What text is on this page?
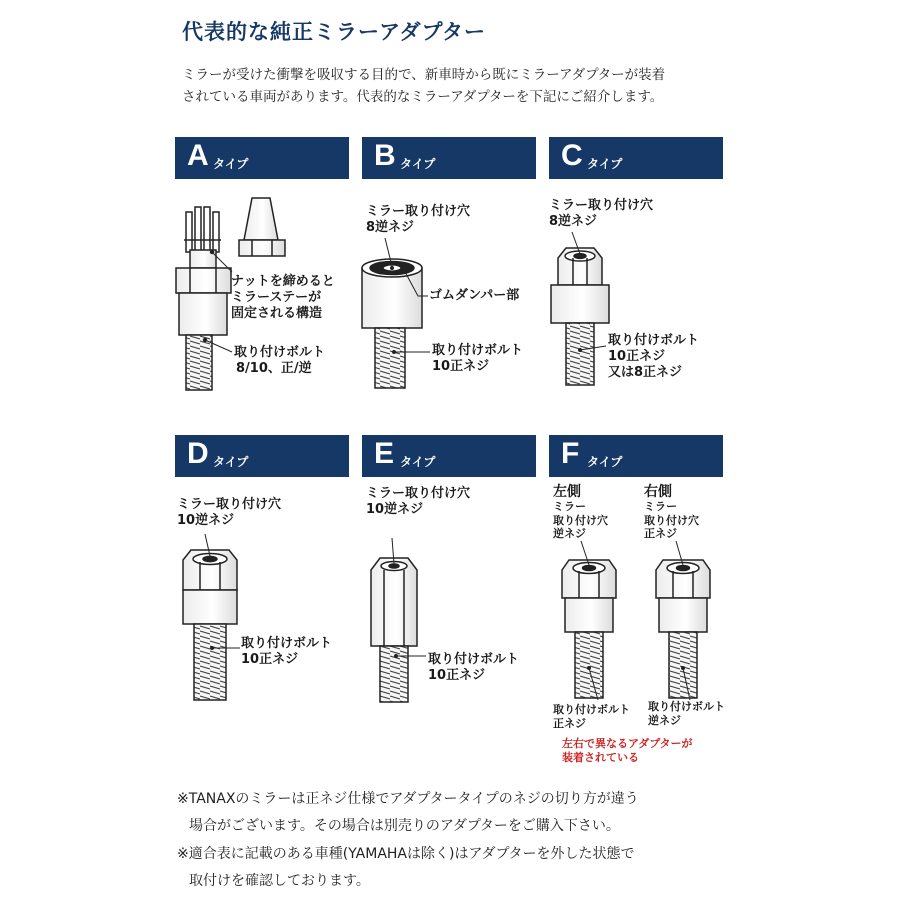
代表的な純正ミラーアダプター
ミラーが受けた衝撃を吸収する目的で、新車時から既にミラーアダプターが装着
されている車両があります。代表的なミラーアダプターを下記にご紹介します。
A タイプ	B タイプ	C タイプ
D タイプ	E タイプ	F タイプ
ナットを締めると
ミラーステーが
固定される構造
取り付けボルト
8/10、正/逆
ミラー取り付け穴
8逆ネジ
ゴムダンパー部
取り付けボルト
10正ネジ
ミラー取り付け穴
8逆ネジ
取り付けボルト
10正ネジ
又は8正ネジ
ミラー取り付け穴
10逆ネジ
取り付けボルト
10正ネジ
ミラー取り付け穴
10逆ネジ
取り付けボルト
10正ネジ
左側
ミラー
取り付け穴
逆ネジ
右側
ミラー
取り付け穴
正ネジ
取り付けボルト
正ネジ
取り付けボルト
逆ネジ
左右で異なるアダプターが
装着されている
※TANAXのミラーは正ネジ仕様でアダプタータイプのネジの切り方が違う
場合がございます。その場合は別売りのアダプターをご購入下さい。
※適合表に記載のある車種(YAMAHAは除く)はアダプターを外した状態で
取付けを確認しております。
